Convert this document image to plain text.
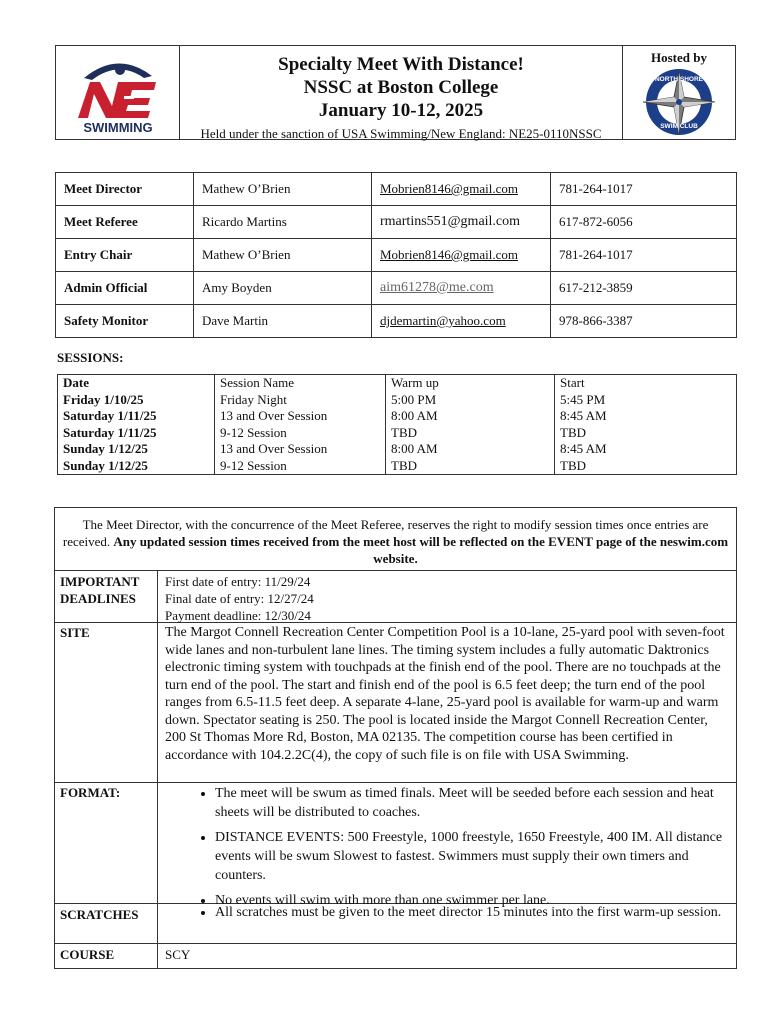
SWIMMING
Specialty Meet With Distance!
NSSC at Boston College
January 10-12, 2025
Held under the sanction of USA Swimming/New England: NE25-0110NSSC
Hosted by
NORTH SHORE
SWIM CLUB
Meet Director	Mathew O’Brien	Mobrien8146@gmail.com	781-264-1017
Meet Referee	Ricardo Martins	rmartins551@gmail.com	617-872-6056
Entry Chair	Mathew O’Brien	Mobrien8146@gmail.com	781-264-1017
Admin Official	Amy Boyden	aim61278@me.com	617-212-3859
Safety Monitor	Dave Martin	djdemartin@yahoo.com	978-866-3387
SESSIONS:
Date	Session Name	Warm up	Start
Friday 1/10/25	Friday Night	5:00 PM	5:45 PM
Saturday 1/11/25	13 and Over Session	8:00 AM	8:45 AM
Saturday 1/11/25	9-12 Session	TBD	TBD
Sunday 1/12/25	13 and Over Session	8:00 AM	8:45 AM
Sunday 1/12/25	9-12 Session	TBD	TBD
The Meet Director, with the concurrence of the Meet Referee, reserves the right to modify session times once entries are received. Any updated session times received from the meet host will be reflected on the EVENT page of the neswim.com website.
IMPORTANT DEADLINES
First date of entry: 11/29/24
Final date of entry: 12/27/24
Payment deadline: 12/30/24
SITE	The Margot Connell Recreation Center Competition Pool is a 10-lane, 25-yard pool with seven-foot wide lanes and non-turbulent lane lines. The timing system includes a fully automatic Daktronics electronic timing system with touchpads at the finish end of the pool. There are no touchpads at the turn end of the pool. The start and finish end of the pool is 6.5 feet deep; the turn end of the pool ranges from 6.5-11.5 feet deep. A separate 4-lane, 25-yard pool is available for warm-up and warm down. Spectator seating is 250. The pool is located inside the Margot Connell Recreation Center,
200 St Thomas More Rd, Boston, MA 02135. The competition course has been certified in accordance with 104.2.2C(4), the copy of such file is on file with USA Swimming.
FORMAT:	• The meet will be swum as timed finals. Meet will be seeded before each session and heat sheets will be distributed to coaches.
• DISTANCE EVENTS: 500 Freestyle, 1000 freestyle, 1650 Freestyle, 400 IM. All distance events will be swum Slowest to fastest. Swimmers must supply their own timers and counters.
• No events will swim with more than one swimmer per lane.
SCRATCHES	• All scratches must be given to the meet director 15 minutes into the first warm-up session.
COURSE	SCY
